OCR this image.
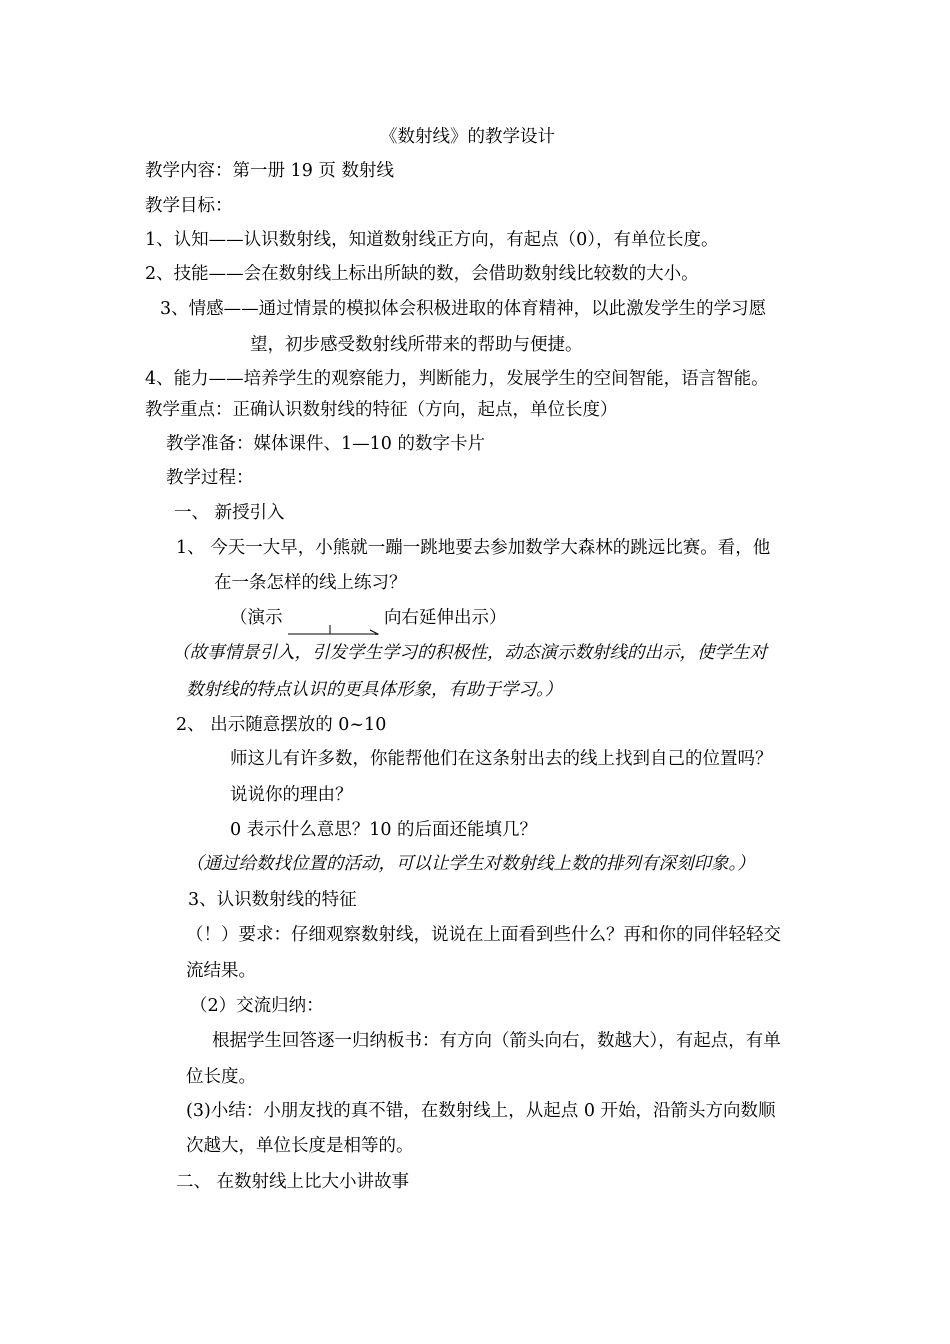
《数射线》的教学设计
教学内容：第一册 19 页 数射线
教学目标：
1、认知——认识数射线，知道数射线正方向，有起点（0），有单位长度。
2、技能——会在数射线上标出所缺的数，会借助数射线比较数的大小。
3、情感——通过情景的模拟体会积极进取的体育精神，以此激发学生的学习愿
望，初步感受数射线所带来的帮助与便捷。
4、能力——培养学生的观察能力，判断能力，发展学生的空间智能，语言智能。
教学重点：正确认识数射线的特征（方向，起点，单位长度）
教学准备：媒体课件、1—10 的数字卡片
教学过程：
一、 新授引入
1、 今天一大早，小熊就一蹦一跳地要去参加数学大森林的跳远比赛。看，他
在一条怎样的线上练习？
（演示	向右延伸出示）
（故事情景引入，引发学生学习的积极性，动态演示数射线的出示，使学生对
数射线的特点认识的更具体形象，有助于学习。）
2、 出示随意摆放的 0~10
师这儿有许多数，你能帮他们在这条射出去的线上找到自己的位置吗？
说说你的理由？
0 表示什么意思？10 的后面还能填几？
（通过给数找位置的活动，可以让学生对数射线上数的排列有深刻印象。）
3、认识数射线的特征
（！）要求：仔细观察数射线，说说在上面看到些什么？再和你的同伴轻轻交
流结果。
（2）交流归纳：
根据学生回答逐一归纳板书：有方向（箭头向右，数越大），有起点，有单
位长度。
(3)小结：小朋友找的真不错，在数射线上，从起点 0 开始，沿箭头方向数顺
次越大，单位长度是相等的。
二、 在数射线上比大小讲故事
